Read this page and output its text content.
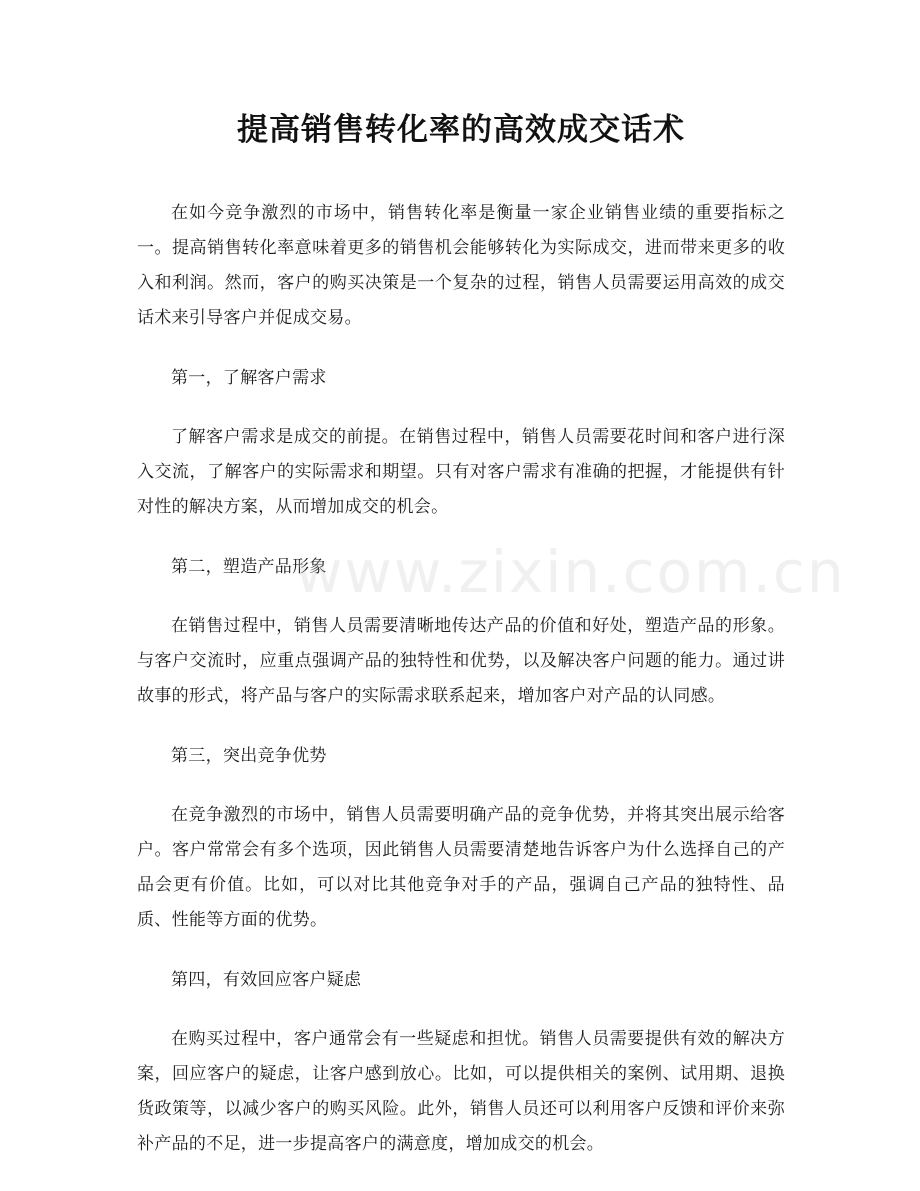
提高销售转化率的高效成交话术

在如今竞争激烈的市场中，销售转化率是衡量一家企业销售业绩的重要指标之一。提高销售转化率意味着更多的销售机会能够转化为实际成交，进而带来更多的收入和利润。然而，客户的购买决策是一个复杂的过程，销售人员需要运用高效的成交话术来引导客户并促成交易。

第一，了解客户需求

了解客户需求是成交的前提。在销售过程中，销售人员需要花时间和客户进行深入交流，了解客户的实际需求和期望。只有对客户需求有准确的把握，才能提供有针对性的解决方案，从而增加成交的机会。

第二，塑造产品形象

在销售过程中，销售人员需要清晰地传达产品的价值和好处，塑造产品的形象。与客户交流时，应重点强调产品的独特性和优势，以及解决客户问题的能力。通过讲故事的形式，将产品与客户的实际需求联系起来，增加客户对产品的认同感。

第三，突出竞争优势

在竞争激烈的市场中，销售人员需要明确产品的竞争优势，并将其突出展示给客户。客户常常会有多个选项，因此销售人员需要清楚地告诉客户为什么选择自己的产品会更有价值。比如，可以对比其他竞争对手的产品，强调自己产品的独特性、品质、性能等方面的优势。

第四，有效回应客户疑虑

在购买过程中，客户通常会有一些疑虑和担忧。销售人员需要提供有效的解决方案，回应客户的疑虑，让客户感到放心。比如，可以提供相关的案例、试用期、退换货政策等，以减少客户的购买风险。此外，销售人员还可以利用客户反馈和评价来弥补产品的不足，进一步提高客户的满意度，增加成交的机会。

www.zixin.com.cn
